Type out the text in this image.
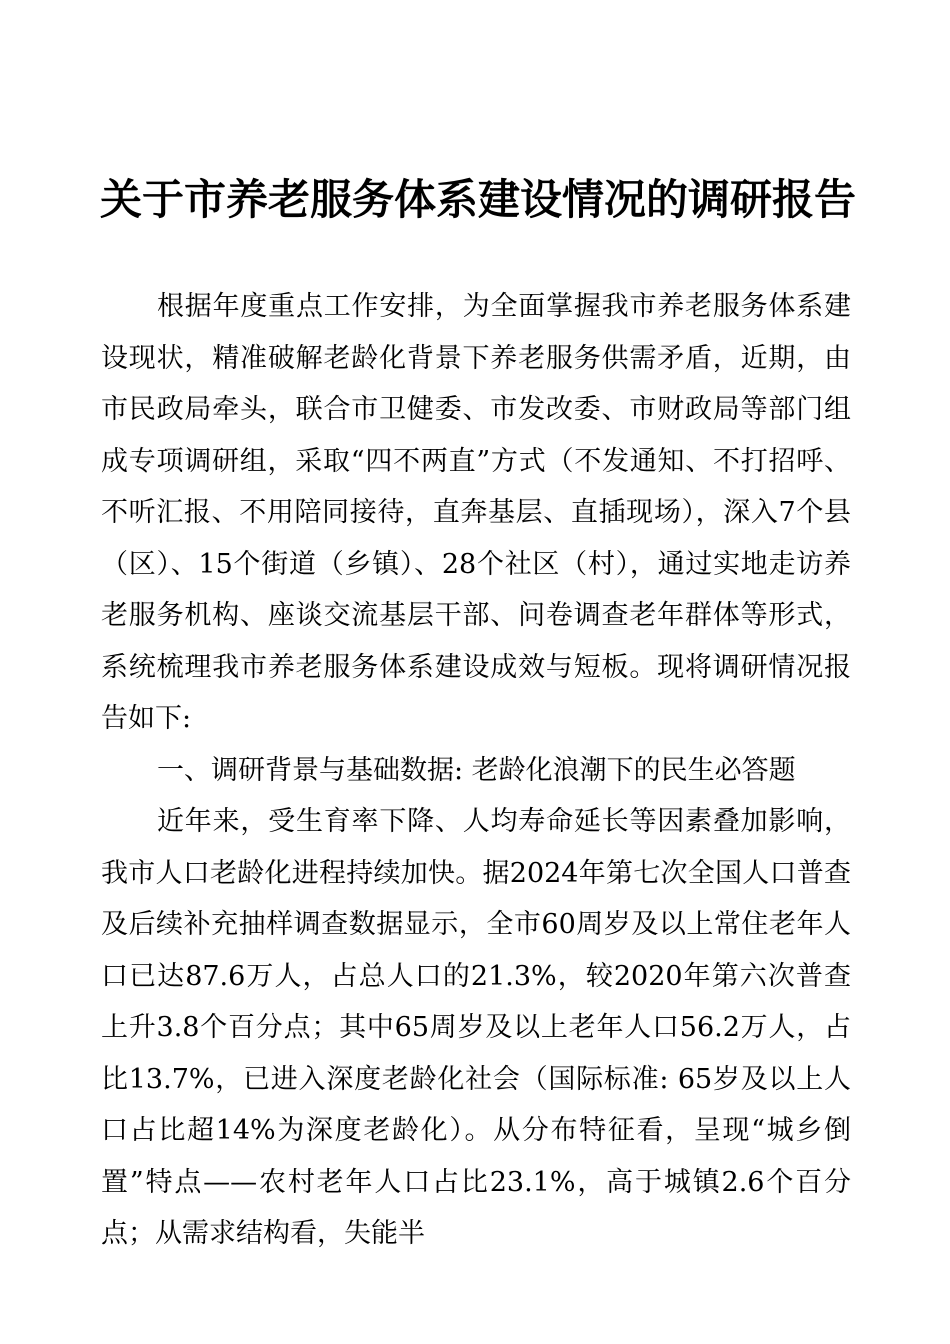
关于市养老服务体系建设情况的调研报告

根据年度重点工作安排，为全面掌握我市养老服务体系建设现状，精准破解老龄化背景下养老服务供需矛盾，近期，由市民政局牵头，联合市卫健委、市发改委、市财政局等部门组成专项调研组，采取“四不两直”方式（不发通知、不打招呼、不听汇报、不用陪同接待，直奔基层、直插现场），深入7个县（区）、15个街道（乡镇）、28个社区（村），通过实地走访养老服务机构、座谈交流基层干部、问卷调查老年群体等形式，系统梳理我市养老服务体系建设成效与短板。现将调研情况报告如下:

一、调研背景与基础数据: 老龄化浪潮下的民生必答题

近年来，受生育率下降、人均寿命延长等因素叠加影响，我市人口老龄化进程持续加快。据2024年第七次全国人口普查及后续补充抽样调查数据显示，全市60周岁及以上常住老年人口已达87.6万人，占总人口的21.3%，较2020年第六次普查上升3.8个百分点；其中65周岁及以上老年人口56.2万人，占比13.7%，已进入深度老龄化社会（国际标准: 65岁及以上人口占比超14%为深度老龄化）。从分布特征看，呈现“城乡倒置”特点——农村老年人口占比23.1%，高于城镇2.6个百分点；从需求结构看，失能半
